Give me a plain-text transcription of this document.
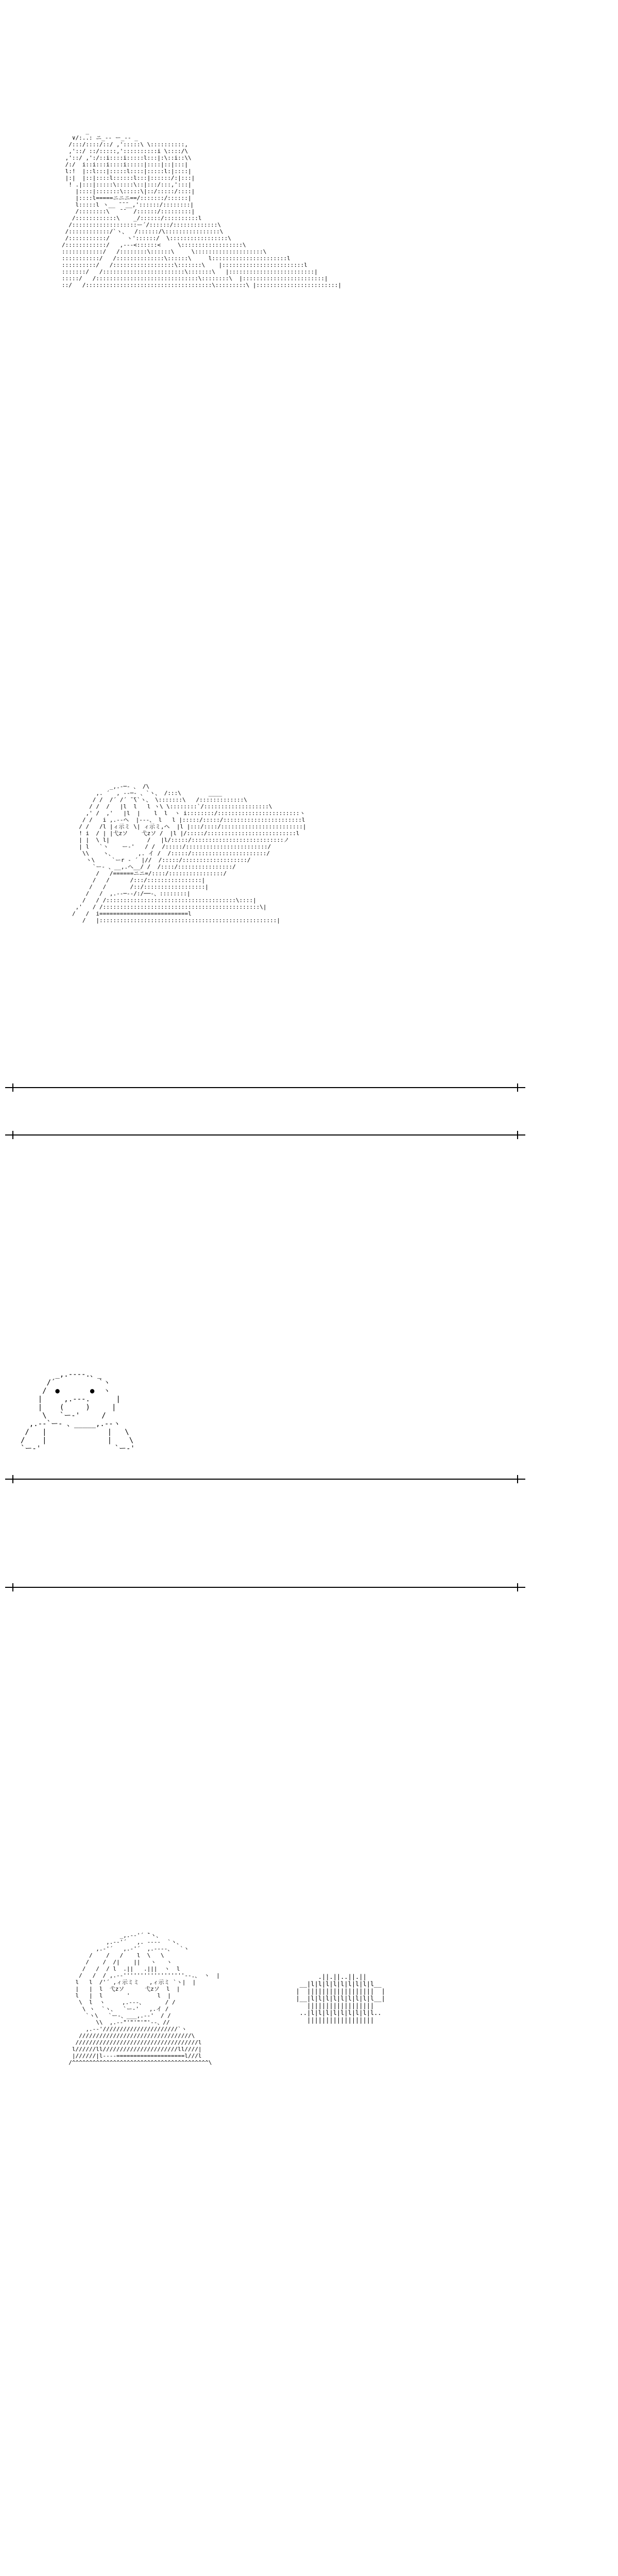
_
∨/:..: ニ_-- ー_-- _
/:::/::::/::/ ,':::::\ \::::::::::,
,'::/ ::/:::::,'::::::::::i \::::/\
,'::/ ,':/::i::::i:::::l:::|:\::i::\\
/:/  i::i:::i::::i:::::|::::|::|:::|
l:!  |::l:::|:::::l::::|:::::l:|::::|
|:|  |::|::::l::::::l:::|::::::/:|:::|
! .|:::|:::::\:::::\::|:::/:::,':::|
|::::|:::::::\:::::\|::/:::::/::::|
|::::l=====ニニニ==/:::::::/::::::|
l:::::l ヽ__ ̄ ̄ ̄__,'::::::/::::::::|
/::::::::\   ̄ ̄   /::::::/:::::::::|
/::::::::::::\    _/::::::/::::::::::l
/:::::::::::::::::::ー´/::::::/:::::::::::::\
/::::::::::::/`ヽ、  /::::::/\::::::::::::::::\
/:::::::::::/     ヽ'::::::/  \:::::::::::::::::\
/::::::::::::/   ,--‐<::::::<     \::::::::::::::::::\
::::::::::::/   /::::::::\::::::\     \::::::::::::::::::::\
:::::::::::/   /::::::::::::::\::::::\     l::::::::::::::::::::::l
::::::::::/   /::::::::::::::::::\:::::::\    |::::::::::::::::::::::::l
:::::::/   /::::::::::::::::::::::::\:::::::\   |:::::::::::::::::::::::::|
:::::/   /::::::::::::::::::::::::::::::\::::::::\  |::::::::::::::::::::::::|
::/   /:::::::::::::::::::::::::::::::::::::\:::::::::\ |::::::::::::::::::::::::|
_,.-─- 、 /\
,. ´  , -‐─- 、`ヽ、 /:::\        ____
/ /  /´ /´ ̄ ̄\`ヽ、 \:::::::\   /:::::::::::::\
/ /  /   |l  l   l ヽ\ \::::::::`/:::::::::::::::::::\
,' /  ,'   |l  |    l  l  ヽ i::::::::/::::::::::::::::::::::::ヽ
/ /   i ,.-‐ヘ  |-‐-、 l   l |:::::/:::::/:::::::::::::::::::::::l
/ /   /l |ィ示ミ \| ィ示ミ,ヘ  |l |:::/::::/::::::::::::::::::::::::|
! i  / | |弋zソ    弋zソ /  |l |/:::::/::::::::::::::::::::::::::l
| |  \ l|           /   |l/:::::/:::::::::::::::::::::::::::ノ
| l   `ヽ    ー‐'   / /  /:::::/::::::::::::::::::::::::/
\\    ヽ、       ,. イ /  /:::::/::::::::::::::::::::::/
ヽ\     `ーr ‐ ´ |//  /:::::/:::::::::::::::::::/
`ー- 、__,.へ__/ /  /::::/::::::::::::::::/
/   /======ニニ=/::::/::::::::::::::::/
/   /      /:::/::::::::::::::::|
/   /       /::/::::::::::::::::::|
/   /  ,.-‐─‐-/:/──-、::::::::|
/   / /::::::::::::::::::::::::::::::::::::::\::::|
,'   / /::::::::::::::::::::::::::::::::::::::::::::::\|
/   /  i==========================l
/   |::::::::::::::::::::::::::::::::::::::::::::::::::::|
_,.-‐‐-.、_
/´          `ヽ
/  ●       ●  ヽ
|     ,.-‐-.      |
|    (     )     |
\   `ー‐'     /
,.-‐`ー- 、_____,.-‐ヽ
/   |              |   \
/    |              |    \
`ー‐'                 `ー‐'
_,.-‐'´ ̄`ヽ、
,.-‐'´   ,. -‐‐-  `ヽ、
,.-'´   ,.-'´  ,.-‐‐-、  `ヽ
/    /   /    l  \   \
/    /  /|    ||   ヽ   ヽ
/   /  / l  .||   .|||  ヽ  l
/   /  / ,.-‐''''''''''''''''''‐-.、 ヽ  |
l   l  /'´ ,ィ示ミミ   ,ィ示ミ `ヽ|  |
|   |  l  弋zソ      弋zソ  l  |
l   |  l       '        l  |
\  l  ヽ     ,.-‐-、      / /
\ ヽ  `ヽ、  `ー‐'   ,.イ /
`ヽ\   `ー-、___,.-‐'  / /
\\  ,.-‐"'"'"'"'‐-、//
,.-‐'//////////////////////`ヽ
/////////////////////////////////\
////////////////////////////////////l
l//////ll//////////////////////ll////|
|//////|l----====================l///l
/^^^^^^^^^^^^^^^^^^^^^^^^^^^^^^^^^^^^^^^^\
.||.||..||.||
__|l|l|l|l|l|l|l|l|l__
|  ||||||||||||||||||  |
|__|l|l|l|l|l|l|l|l|l__|
||||||||||||||||||
..|l|l|l|l|l|l|l|l|l..
||||||||||||||||||
